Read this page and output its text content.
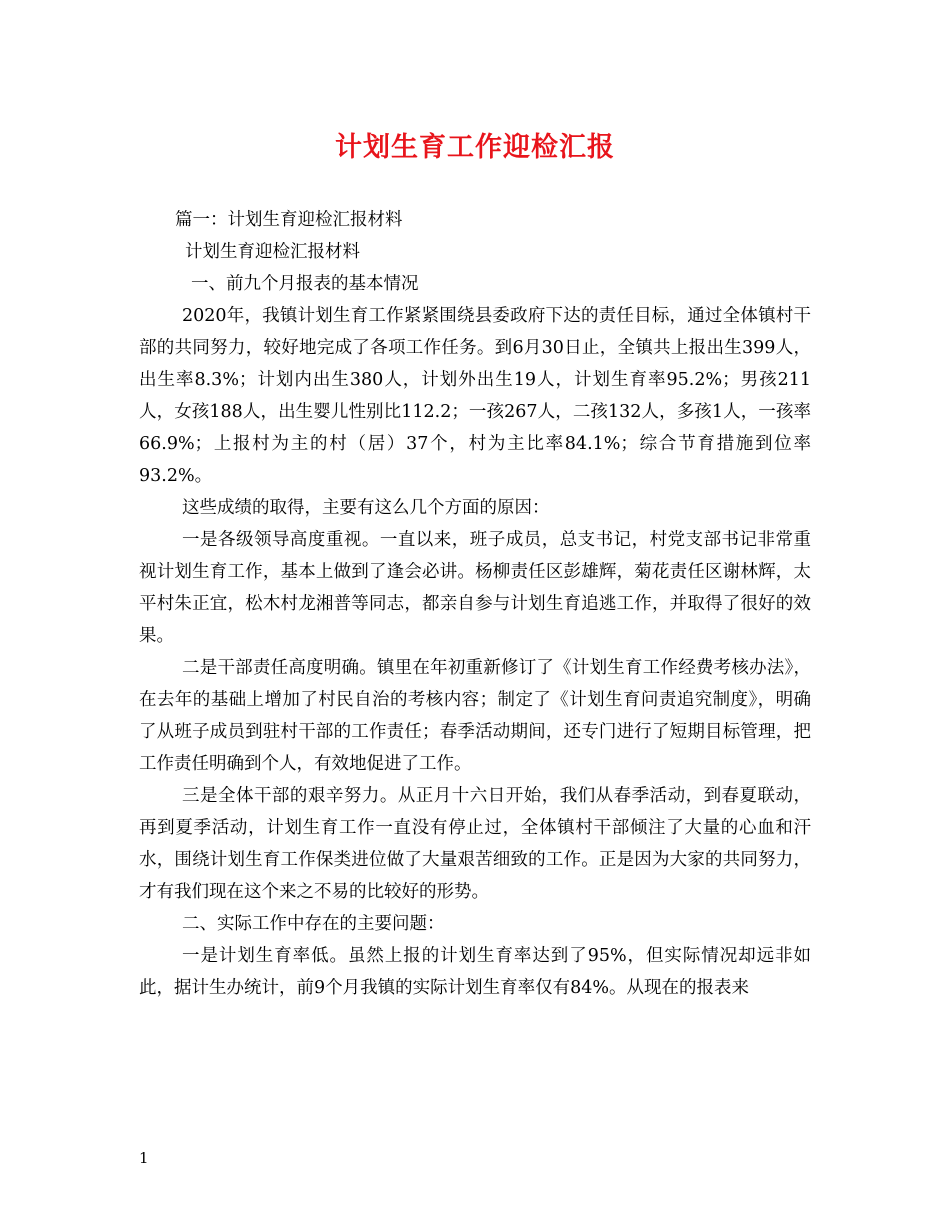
计划生育工作迎检汇报

篇一：计划生育迎检汇报材料

计划生育迎检汇报材料

一、前九个月报表的基本情况

2020年，我镇计划生育工作紧紧围绕县委政府下达的责任目标，通过全体镇村干部的共同努力，较好地完成了各项工作任务。到6月30日止，全镇共上报出生399人，出生率8.3%；计划内出生380人，计划外出生19人，计划生育率95.2%；男孩211人，女孩188人，出生婴儿性别比112.2；一孩267人，二孩132人，多孩1人，一孩率66.9%；上报村为主的村（居）37个，村为主比率84.1%；综合节育措施到位率93.2%。

这些成绩的取得，主要有这么几个方面的原因：

一是各级领导高度重视。一直以来，班子成员，总支书记，村党支部书记非常重视计划生育工作，基本上做到了逢会必讲。杨柳责任区彭雄辉，菊花责任区谢林辉，太平村朱正宜，松木村龙湘普等同志，都亲自参与计划生育追逃工作，并取得了很好的效果。

二是干部责任高度明确。镇里在年初重新修订了《计划生育工作经费考核办法》，在去年的基础上增加了村民自治的考核内容；制定了《计划生育问责追究制度》，明确了从班子成员到驻村干部的工作责任；春季活动期间，还专门进行了短期目标管理，把工作责任明确到个人，有效地促进了工作。

三是全体干部的艰辛努力。从正月十六日开始，我们从春季活动，到春夏联动，再到夏季活动，计划生育工作一直没有停止过，全体镇村干部倾注了大量的心血和汗水，围绕计划生育工作保类进位做了大量艰苦细致的工作。正是因为大家的共同努力，才有我们现在这个来之不易的比较好的形势。

二、实际工作中存在的主要问题：

一是计划生育率低。虽然上报的计划生育率达到了95%，但实际情况却远非如此，据计生办统计，前9个月我镇的实际计划生育率仅有84%。从现在的报表来

1
